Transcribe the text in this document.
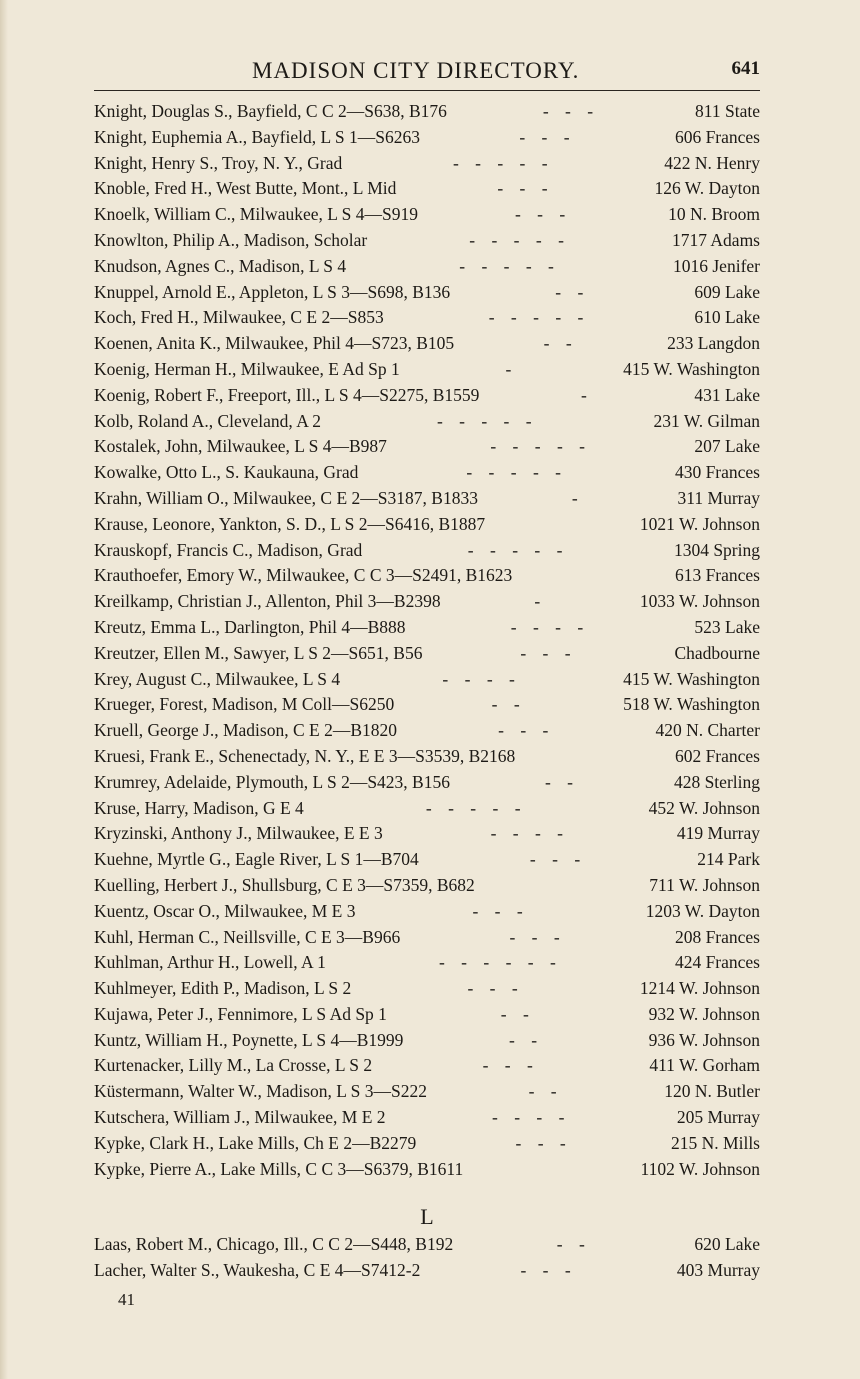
MADISON CITY DIRECTORY.	641
Knight, Douglas S., Bayfield, C C 2—S638, B176	- - -	811 State
Knight, Euphemia A., Bayfield, L S 1—S6263	- - -	606 Frances
Knight, Henry S., Troy, N. Y., Grad	- - - - -	422 N. Henry
Knoble, Fred H., West Butte, Mont., L Mid	- - -	126 W. Dayton
Knoelk, William C., Milwaukee, L S 4—S919	- - -	10 N. Broom
Knowlton, Philip A., Madison, Scholar	- - - - -	1717 Adams
Knudson, Agnes C., Madison, L S 4	- - - - -	1016 Jenifer
Knuppel, Arnold E., Appleton, L S 3—S698, B136	- -	609 Lake
Koch, Fred H., Milwaukee, C E 2—S853	- - - - -	610 Lake
Koenen, Anita K., Milwaukee, Phil 4—S723, B105	- -	233 Langdon
Koenig, Herman H., Milwaukee, E Ad Sp 1	-	415 W. Washington
Koenig, Robert F., Freeport, Ill., L S 4—S2275, B1559	-	431 Lake
Kolb, Roland A., Cleveland, A 2	- - - - -	231 W. Gilman
Kostalek, John, Milwaukee, L S 4—B987	- - - - -	207 Lake
Kowalke, Otto L., S. Kaukauna, Grad	- - - - -	430 Frances
Krahn, William O., Milwaukee, C E 2—S3187, B1833	-	311 Murray
Krause, Leonore, Yankton, S. D., L S 2—S6416, B1887	1021 W. Johnson
Krauskopf, Francis C., Madison, Grad	- - - - -	1304 Spring
Krauthoefer, Emory W., Milwaukee, C C 3—S2491, B1623	613 Frances
Kreilkamp, Christian J., Allenton, Phil 3—B2398	-	1033 W. Johnson
Kreutz, Emma L., Darlington, Phil 4—B888	- - - -	523 Lake
Kreutzer, Ellen M., Sawyer, L S 2—S651, B56	- - -	Chadbourne
Krey, August C., Milwaukee, L S 4	- - - -	415 W. Washington
Krueger, Forest, Madison, M Coll—S6250	- -	518 W. Washington
Kruell, George J., Madison, C E 2—B1820	- - -	420 N. Charter
Kruesi, Frank E., Schenectady, N. Y., E E 3—S3539, B2168	602 Frances
Krumrey, Adelaide, Plymouth, L S 2—S423, B156	- -	428 Sterling
Kruse, Harry, Madison, G E 4	- - - - -	452 W. Johnson
Kryzinski, Anthony J., Milwaukee, E E 3	- - - -	419 Murray
Kuehne, Myrtle G., Eagle River, L S 1—B704	- - -	214 Park
Kuelling, Herbert J., Shullsburg, C E 3—S7359, B682	711 W. Johnson
Kuentz, Oscar O., Milwaukee, M E 3	- - -	1203 W. Dayton
Kuhl, Herman C., Neillsville, C E 3—B966	- - -	208 Frances
Kuhlman, Arthur H., Lowell, A 1	- - - - - -	424 Frances
Kuhlmeyer, Edith P., Madison, L S 2	- - -	1214 W. Johnson
Kujawa, Peter J., Fennimore, L S Ad Sp 1	- -	932 W. Johnson
Kuntz, William H., Poynette, L S 4—B1999	- -	936 W. Johnson
Kurtenacker, Lilly M., La Crosse, L S 2	- - -	411 W. Gorham
Küstermann, Walter W., Madison, L S 3—S222	- -	120 N. Butler
Kutschera, William J., Milwaukee, M E 2	- - - -	205 Murray
Kypke, Clark H., Lake Mills, Ch E 2—B2279	- - -	215 N. Mills
Kypke, Pierre A., Lake Mills, C C 3—S6379, B1611	1102 W. Johnson
L
Laas, Robert M., Chicago, Ill., C C 2—S448, B192	- -	620 Lake
Lacher, Walter S., Waukesha, C E 4—S7412-2	- - -	403 Murray
41
